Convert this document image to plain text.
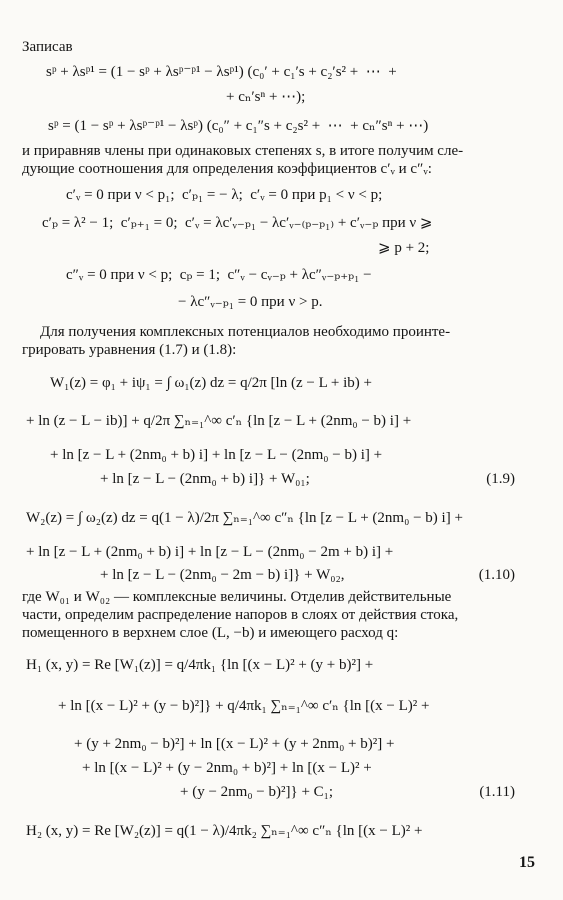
Записав
sᵖ + λsᵖ¹ = (1 − sᵖ + λsᵖ⁻ᵖ¹ − λsᵖ¹) (c₀′ + c₁′s + c₂′s² +  ⋯  +
+ cₙ′sⁿ + ⋯);
sᵖ = (1 − sᵖ + λsᵖ⁻ᵖ¹ − λsᵖ) (c₀″ + c₁″s + c₂s² +  ⋯  + cₙ″sⁿ + ⋯)
и приравняв члены при одинаковых степенях s, в итоге получим сле-
дующие соотношения для определения коэффициентов c′ᵥ и c″ᵥ:
c′ᵥ = 0 при ν < p₁;  c′ₚ₁ = − λ;  c′ᵥ = 0 при p₁ < ν < p;
c′ₚ = λ² − 1;  c′ₚ₊₁ = 0;  c′ᵥ = λc′ᵥ₋ₚ₁ − λc′ᵥ₋₍ₚ₋ₚ₁₎ + c′ᵥ₋ₚ при ν ⩾
⩾ p + 2;
c″ᵥ = 0 при ν < p;  cₚ = 1;  c″ᵥ − cᵥ₋ₚ + λc″ᵥ₋ₚ₊ₚ₁ −
− λc″ᵥ₋ₚ₁ = 0 при ν > p.
Для получения комплексных потенциалов необходимо проинте-
грировать уравнения (1.7) и (1.8):
W₁(z) = φ₁ + iψ₁ = ∫ ω₁(z) dz = q/2π [ln (z − L + ib) +
+ ln (z − L − ib)] + q/2π ∑ₙ₌₁^∞ c′ₙ {ln [z − L + (2nm₀ − b) i] +
+ ln [z − L + (2nm₀ + b) i] + ln [z − L − (2nm₀ − b) i] +
+ ln [z − L − (2nm₀ + b) i]} + W₀₁;	(1.9)
W₂(z) = ∫ ω₂(z) dz = q(1 − λ)/2π ∑ₙ₌₁^∞ c″ₙ {ln [z − L + (2nm₀ − b) i] +
+ ln [z − L + (2nm₀ + b) i] + ln [z − L − (2nm₀ − 2m + b) i] +
+ ln [z − L − (2nm₀ − 2m − b) i]} + W₀₂,	(1.10)
где W₀₁ и W₀₂ — комплексные величины. Отделив действительные
части, определим распределение напоров в слоях от действия стока,
помещенного в верхнем слое (L, −b) и имеющего расход q:
H₁ (x, y) = Re [W₁(z)] = q/4πk₁ {ln [(x − L)² + (y + b)²] +
+ ln [(x − L)² + (y − b)²]} + q/4πk₁ ∑ₙ₌₁^∞ c′ₙ {ln [(x − L)² +
+ (y + 2nm₀ − b)²] + ln [(x − L)² + (y + 2nm₀ + b)²] +
+ ln [(x − L)² + (y − 2nm₀ + b)²] + ln [(x − L)² +
+ (y − 2nm₀ − b)²]} + C₁;	(1.11)
H₂ (x, y) = Re [W₂(z)] = q(1 − λ)/4πk₂ ∑ₙ₌₁^∞ c″ₙ {ln [(x − L)² +
15
